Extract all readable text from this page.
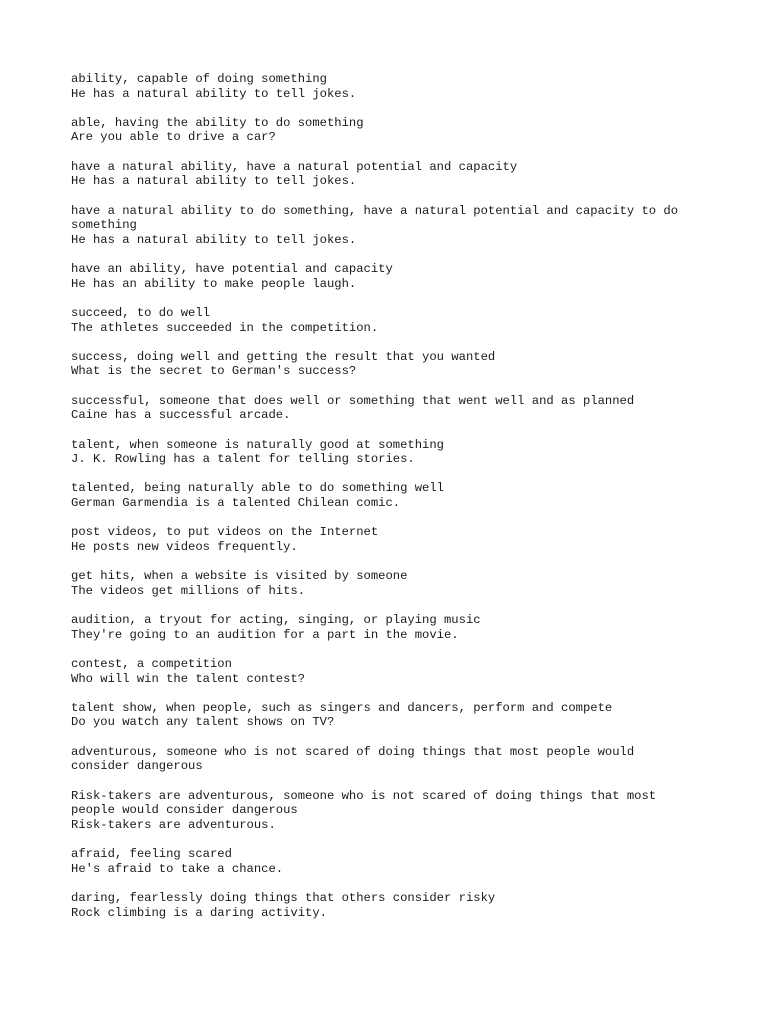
ability, capable of doing something
He has a natural ability to tell jokes.
able, having the ability to do something
Are you able to drive a car?
have a natural ability, have a natural potential and capacity
He has a natural ability to tell jokes.
have a natural ability to do something, have a natural potential and capacity to do
something
He has a natural ability to tell jokes.
have an ability, have potential and capacity
He has an ability to make people laugh.
succeed, to do well
The athletes succeeded in the competition.
success, doing well and getting the result that you wanted
What is the secret to German's success?
successful, someone that does well or something that went well and as planned
Caine has a successful arcade.
talent, when someone is naturally good at something
J. K. Rowling has a talent for telling stories.
talented, being naturally able to do something well
German Garmendia is a talented Chilean comic.
post videos, to put videos on the Internet
He posts new videos frequently.
get hits, when a website is visited by someone
The videos get millions of hits.
audition, a tryout for acting, singing, or playing music
They're going to an audition for a part in the movie.
contest, a competition
Who will win the talent contest?
talent show, when people, such as singers and dancers, perform and compete
Do you watch any talent shows on TV?
adventurous, someone who is not scared of doing things that most people would
consider dangerous
Risk-takers are adventurous, someone who is not scared of doing things that most
people would consider dangerous
Risk-takers are adventurous.
afraid, feeling scared
He's afraid to take a chance.
daring, fearlessly doing things that others consider risky
Rock climbing is a daring activity.
